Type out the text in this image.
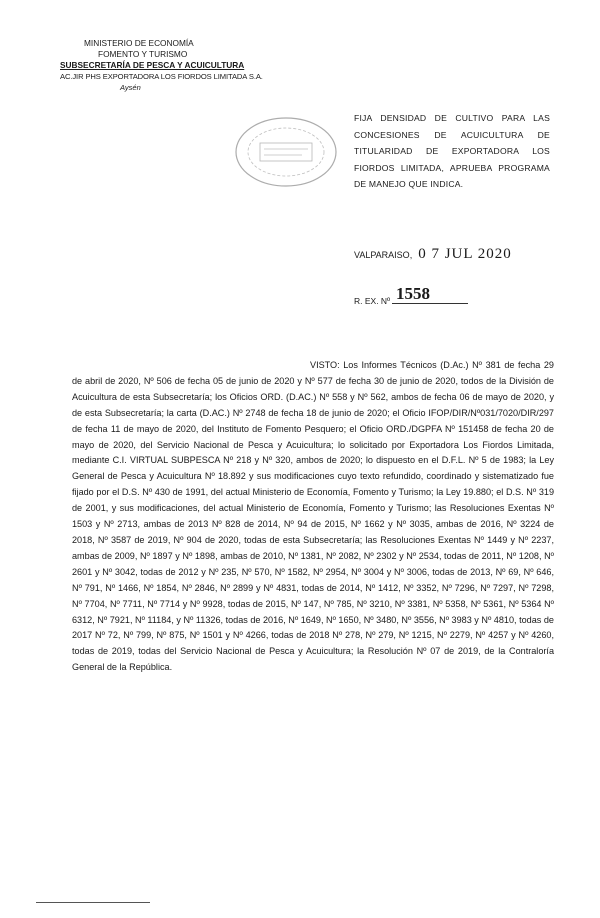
MINISTERIO DE ECONOMÍA
FOMENTO Y TURISMO
SUBSECRETARÍA DE PESCA Y ACUICULTURA
AC.JIR PHS EXPORTADORA LOS FIORDOS LIMITADA S.A.
Aysén
FIJA DENSIDAD DE CULTIVO PARA LAS CONCESIONES DE ACUICULTURA DE TITULARIDAD DE EXPORTADORA LOS FIORDOS LIMITADA, APRUEBA PROGRAMA DE MANEJO QUE INDICA.
VALPARAISO, 0 7 JUL 2020
R. EX. Nº 1558
VISTO: Los Informes Técnicos (D.Ac.) Nº 381 de fecha 29 de abril de 2020, Nº 506 de fecha 05 de junio de 2020 y Nº 577 de fecha 30 de junio de 2020, todos de la División de Acuicultura de esta Subsecretaría; los Oficios ORD. (D.AC.) Nº 558 y Nº 562, ambos de fecha 06 de mayo de 2020, y de esta Subsecretaría; la carta (D.AC.) Nº 2748 de fecha 18 de junio de 2020; el Oficio IFOP/DIR/Nº031/7020/DIR/297 de fecha 11 de mayo de 2020, del Instituto de Fomento Pesquero; el Oficio ORD./DGPFA Nº 151458 de fecha 20 de mayo de 2020, del Servicio Nacional de Pesca y Acuicultura; lo solicitado por Exportadora Los Fiordos Limitada, mediante C.I. VIRTUAL SUBPESCA Nº 218 y Nº 320, ambos de 2020; lo dispuesto en el D.F.L. Nº 5 de 1983; la Ley General de Pesca y Acuicultura Nº 18.892 y sus modificaciones cuyo texto refundido, coordinado y sistematizado fue fijado por el D.S. Nº 430 de 1991, del actual Ministerio de Economía, Fomento y Turismo; la Ley 19.880; el D.S. Nº 319 de 2001, y sus modificaciones, del actual Ministerio de Economía, Fomento y Turismo; las Resoluciones Exentas Nº 1503 y Nº 2713, ambas de 2013 Nº 828 de 2014, Nº 94 de 2015, Nº 1662 y Nº 3035, ambas de 2016, Nº 3224 de 2018, Nº 3587 de 2019, Nº 904 de 2020, todas de esta Subsecretaría; las Resoluciones Exentas Nº 1449 y Nº 2237, ambas de 2009, Nº 1897 y Nº 1898, ambas de 2010, Nº 1381, Nº 2082, Nº 2302 y Nº 2534, todas de 2011, Nº 1208, Nº 2601 y Nº 3042, todas de 2012 y Nº 235, Nº 570, Nº 1582, Nº 2954, Nº 3004 y Nº 3006, todas de 2013, Nº 69, Nº 646, Nº 791, Nº 1466, Nº 1854, Nº 2846, Nº 2899 y Nº 4831, todas de 2014, Nº 1412, Nº 3352, Nº 7296, Nº 7297, Nº 7298, Nº 7704, Nº 7711, Nº 7714 y Nº 9928, todas de 2015, Nº 147, Nº 785, Nº 3210, Nº 3381, Nº 5358, Nº 5361, Nº 5364 Nº 6312, Nº 7921, Nº 11184, y Nº 11326, todas de 2016, Nº 1649, Nº 1650, Nº 3480, Nº 3556, Nº 3983 y Nº 4810, todas de 2017 Nº 72, Nº 799, Nº 875, Nº 1501 y Nº 4266, todas de 2018 Nº 278, Nº 279, Nº 1215, Nº 2279, Nº 4257 y Nº 4260, todas de 2019, todas del Servicio Nacional de Pesca y Acuicultura; la Resolución Nº 07 de 2019, de la Contraloría General de la República.
